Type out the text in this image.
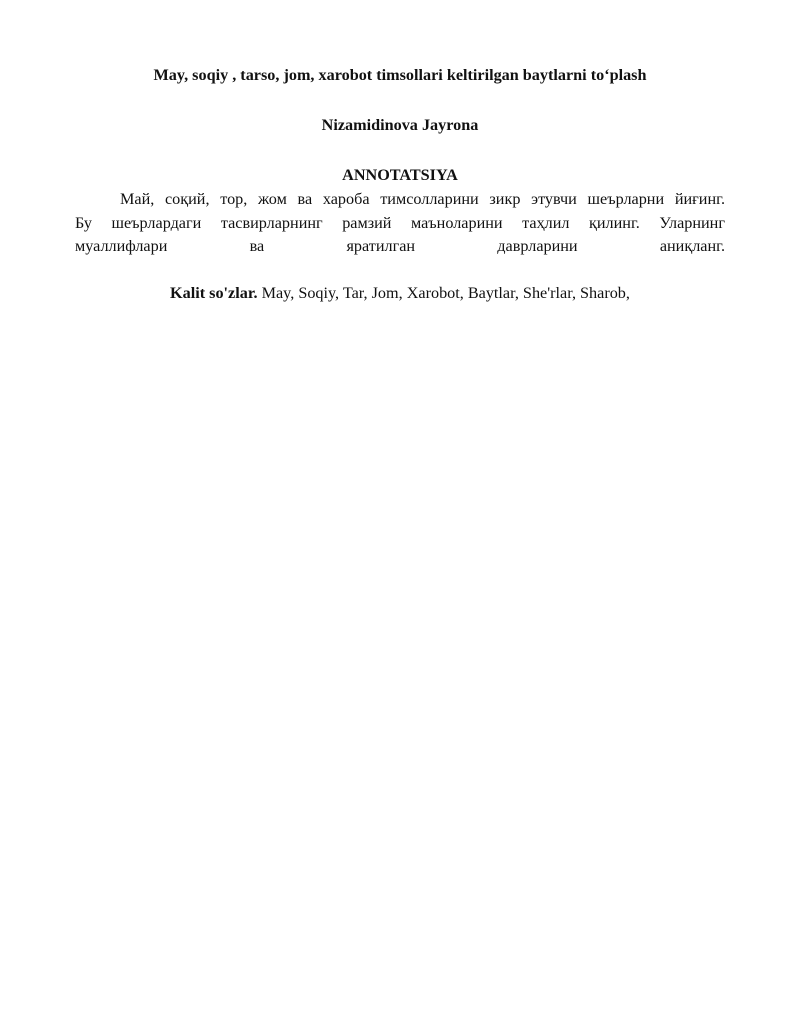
May, soqiy , tarso, jom, xarobot timsollari keltirilgan baytlarni to‘plash
Nizamidinova Jayrona
ANNOTATSIYA

Май, соқий, тор, жом ва хароба тимсолларини зикр этувчи шеърларни йиғинг.
Бу шеърлардаги тасвирларнинг рамзий маъноларини таҳлил қилинг. Уларнинг
муаллифлари ва яратилган даврларини аниқланг.

Kalit so'zlar. May, Soqiy, Tar, Jom, Xarobot, Baytlar, She'rlar, Sharob,
